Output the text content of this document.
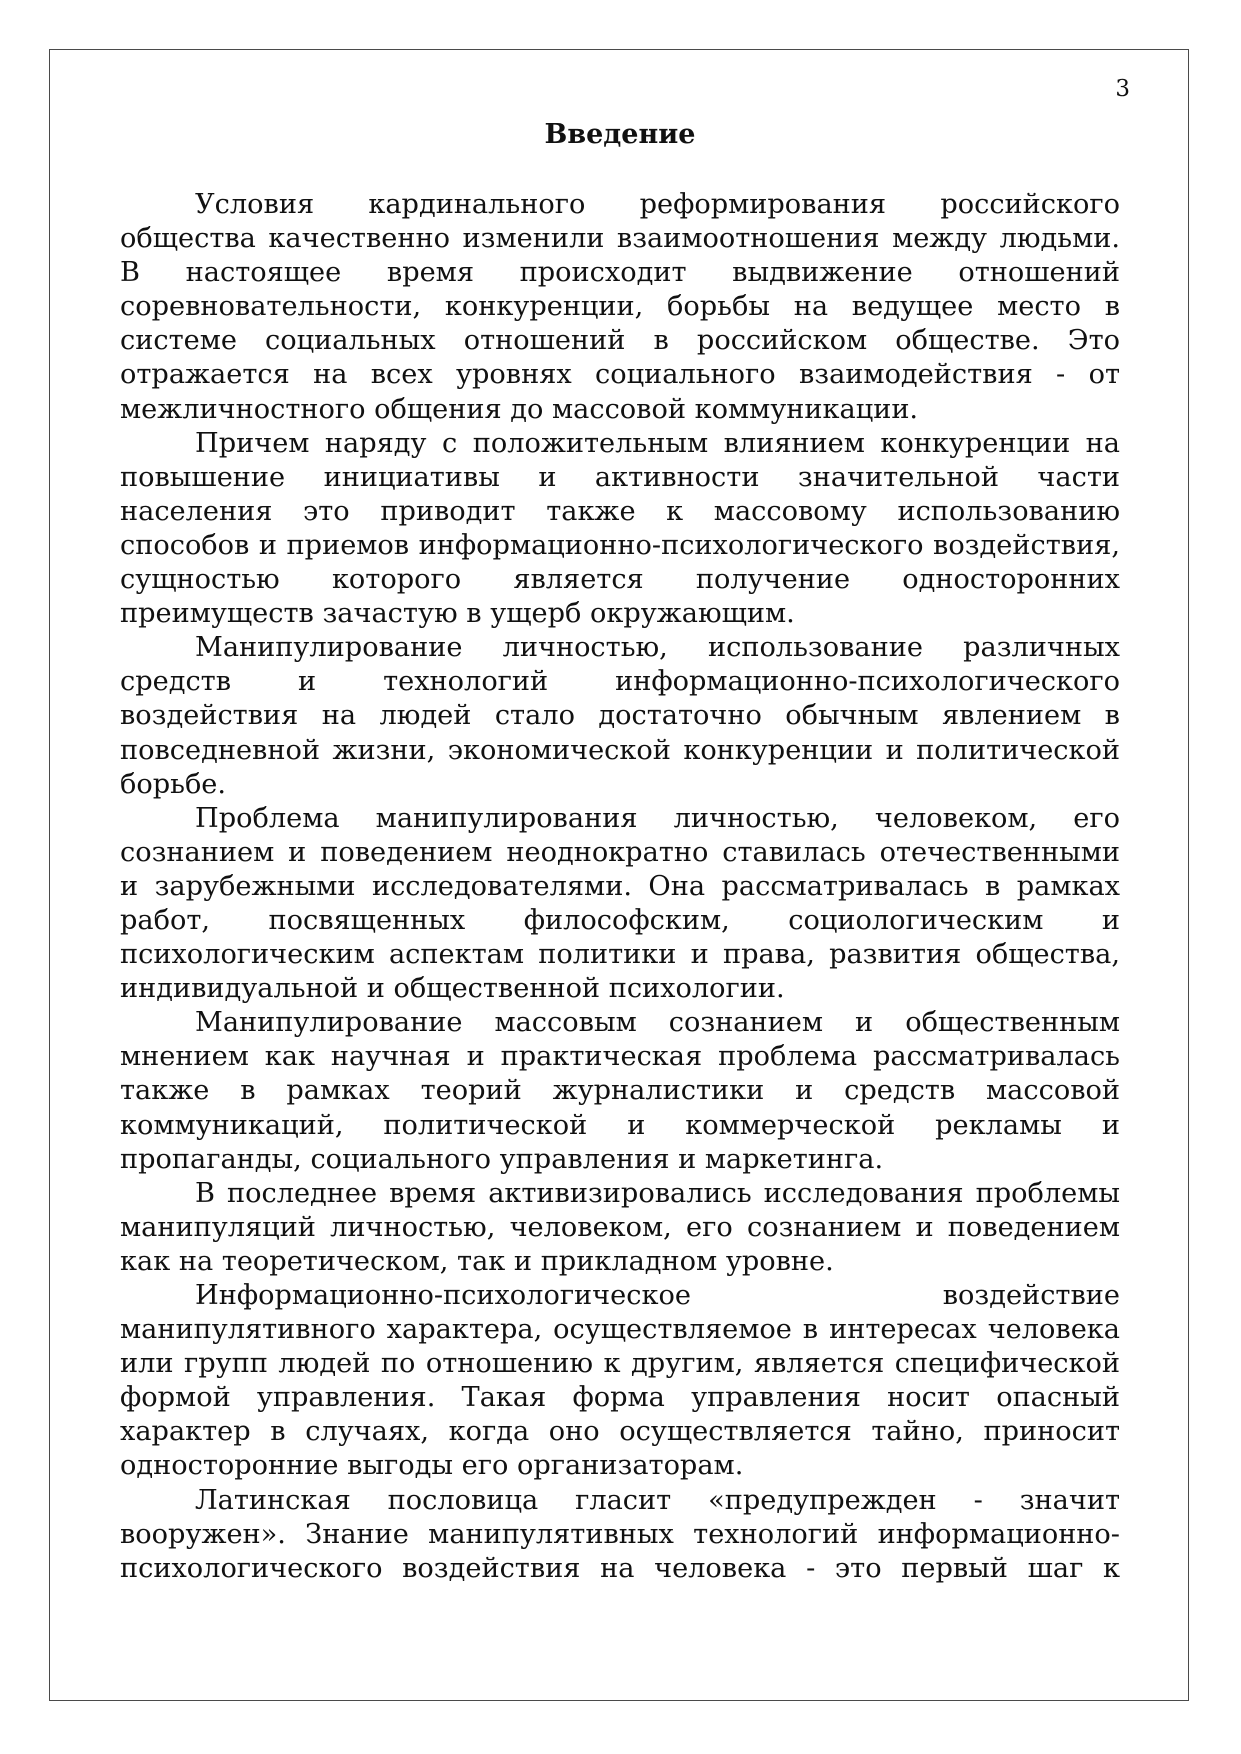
3
Введение

Условия кардинального реформирования российского общества качественно изменили взаимоотношения между людьми. В настоящее время происходит выдвижение отношений соревновательности, конкуренции, борьбы на ведущее место в системе социальных отношений в российском обществе. Это отражается на всех уровнях социального взаимодействия - от межличностного общения до массовой коммуникации.

Причем наряду с положительным влиянием конкуренции на повышение инициативы и активности значительной части населения это приводит также к массовому использованию способов и приемов информационно-психологического воздействия, сущностью которого является получение односторонних преимуществ зачастую в ущерб окружающим.

Манипулирование личностью, использование различных средств и технологий информационно-психологического воздействия на людей стало достаточно обычным явлением в повседневной жизни, экономической конкуренции и политической борьбе.

Проблема манипулирования личностью, человеком, его сознанием и поведением неоднократно ставилась отечественными и зарубежными исследователями. Она рассматривалась в рамках работ, посвященных философским, социологическим и психологическим аспектам политики и права, развития общества, индивидуальной и общественной психологии.

Манипулирование массовым сознанием и общественным мнением как научная и практическая проблема рассматривалась также в рамках теорий журналистики и средств массовой коммуникаций, политической и коммерческой рекламы и пропаганды, социального управления и маркетинга.

В последнее время активизировались исследования проблемы манипуляций личностью, человеком, его сознанием и поведением как на теоретическом, так и прикладном уровне.

Информационно-психологическое воздействие манипулятивного характера, осуществляемое в интересах человека или групп людей по отношению к другим, является специфической формой управления. Такая форма управления носит опасный характер в случаях, когда оно осуществляется тайно, приносит односторонние выгоды его организаторам.

Латинская пословица гласит «предупрежден - значит вооружен». Знание манипулятивных технологий информационно-психологического воздействия на человека - это первый шаг к
